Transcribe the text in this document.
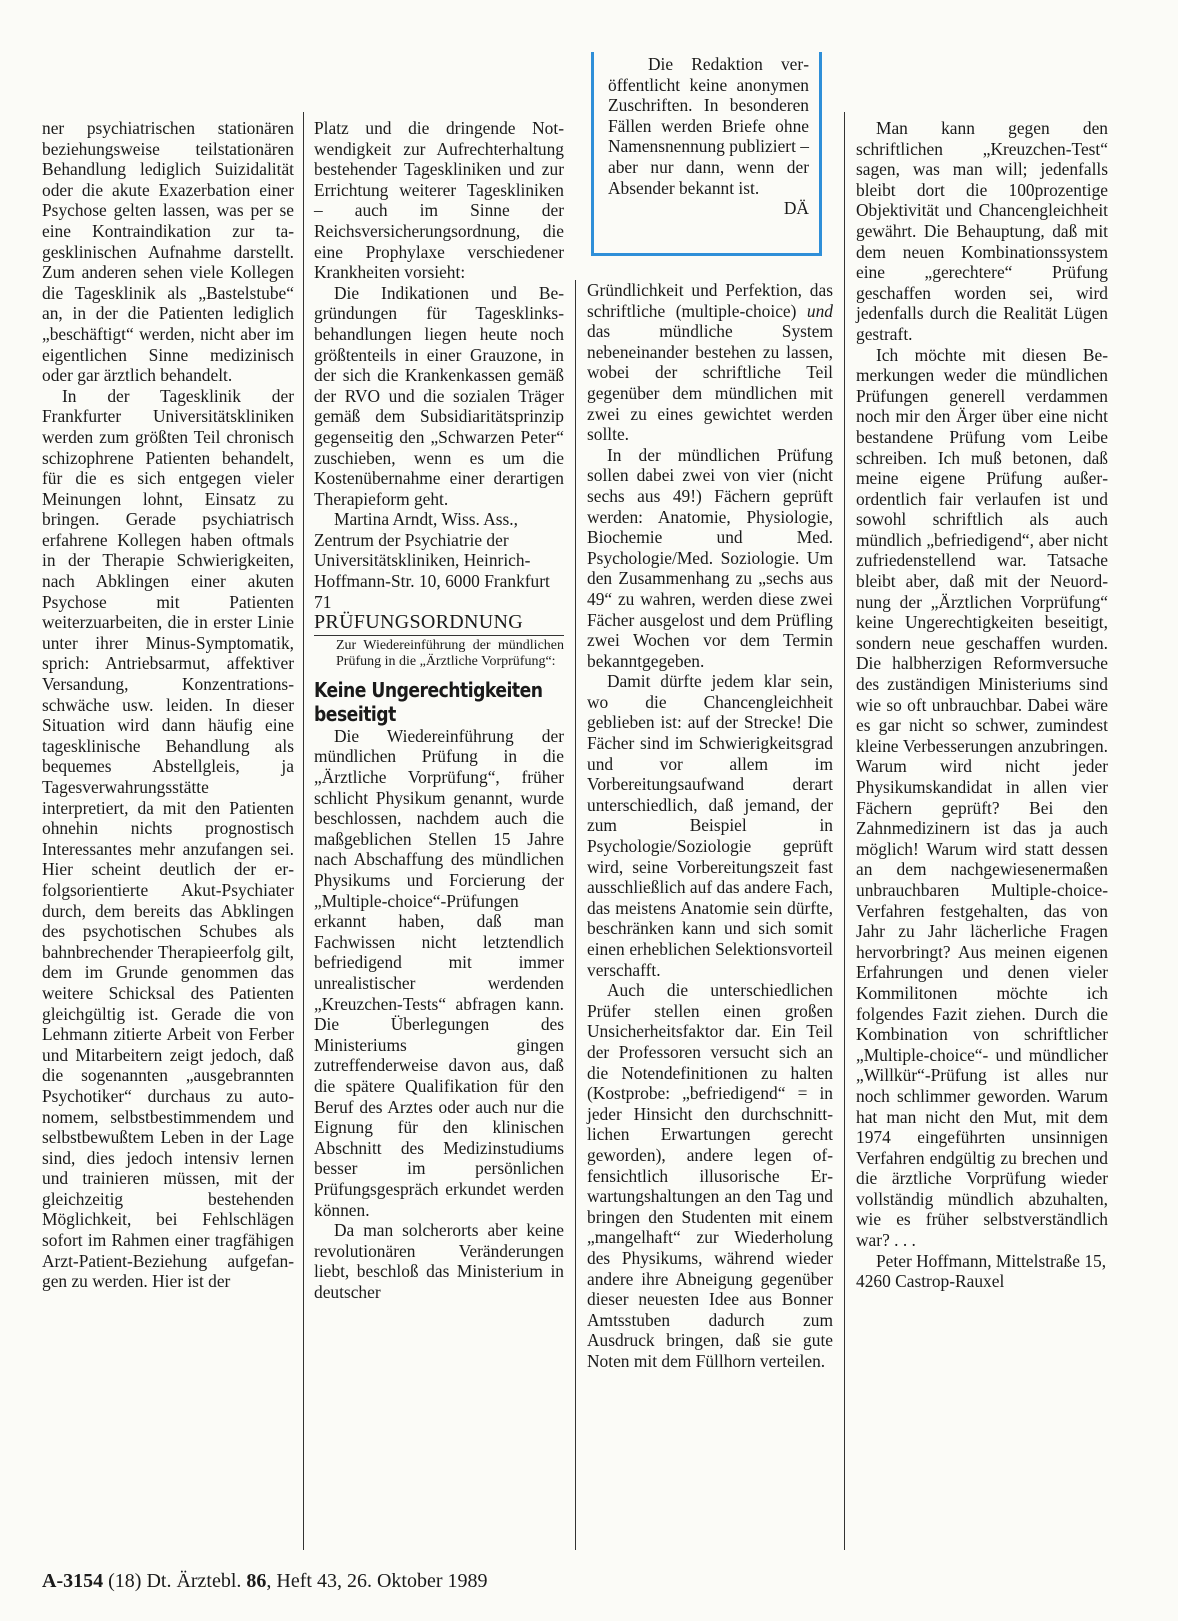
ner psychiatrischen stationären beziehungsweise teilstationären Behandlung lediglich Suizidalität oder die akute Exazerbation einer Psychose gelten lassen, was per se eine Kontraindikation zur tagesklinischen Aufnahme darstellt. Zum anderen sehen viele Kollegen die Tagesklinik als „Bastelstube“ an, in der die Patienten lediglich „beschäftigt“ werden, nicht aber im eigentlichen Sinne medizinisch oder gar ärztlich behandelt.

In der Tagesklinik der Frankfurter Universitätskliniken werden zum größten Teil chronisch schizophrene Patienten behandelt, für die es sich entgegen vieler Meinungen lohnt, Einsatz zu bringen. Gerade psychiatrisch erfahrene Kollegen haben oftmals in der Therapie Schwierigkeiten, nach Abklingen einer akuten Psychose mit Patienten weiterzuarbeiten, die in erster Linie unter ihrer Minus-Symptomatik, sprich: Antriebsarmut, affektiver Versandung, Konzentrationsschwäche usw. leiden. In dieser Situation wird dann häufig eine tagesklinische Behandlung als bequemes Abstellgleis, ja Tagesverwahrungsstätte interpretiert, da mit den Patienten ohnehin nichts prognostisch Interessantes mehr anzufangen sei. Hier scheint deutlich der erfolgsorientierte Akut-Psychiater durch, dem bereits das Abklingen des psychotischen Schubes als bahnbrechender Therapieerfolg gilt, dem im Grunde genommen das weitere Schicksal des Patienten gleichgültig ist. Gerade die von Lehmann zitierte Arbeit von Ferber und Mitarbeitern zeigt jedoch, daß die sogenannten „ausgebrannten Psychotiker“ durchaus zu autonomem, selbstbestimmendem und selbstbewußtem Leben in der Lage sind, dies jedoch intensiv lernen und trainieren müssen, mit der gleichzeitig bestehenden Möglichkeit, bei Fehlschlägen sofort im Rahmen einer tragfähigen Arzt-Patient-Beziehung aufgefangen zu werden. Hier ist der

Platz und die dringende Notwendigkeit zur Aufrechterhaltung bestehender Tageskliniken und zur Errichtung weiterer Tageskliniken – auch im Sinne der Reichsversicherungsordnung, die eine Prophylaxe verschiedener Krankheiten vorsieht:

Die Indikationen und Begründungen für Tagesklinksbehandlungen liegen heute noch größtenteils in einer Grauzone, in der sich die Krankenkassen gemäß der RVO und die sozialen Träger gemäß dem Subsidiaritätsprinzip gegenseitig den „Schwarzen Peter“ zuschieben, wenn es um die Kostenübernahme einer derartigen Therapieform geht.

Martina Arndt, Wiss. Ass., Zentrum der Psychiatrie der Universitätskliniken, Heinrich-Hoffmann-Str. 10, 6000 Frankfurt 71

PRÜFUNGSORDNUNG

Zur Wiedereinführung der mündlichen Prüfung in die „Ärztliche Vorprüfung“:

Keine Ungerechtigkeiten beseitigt

Die Wiedereinführung der mündlichen Prüfung in die „Ärztliche Vorprüfung“, früher schlicht Physikum genannt, wurde beschlossen, nachdem auch die maßgeblichen Stellen 15 Jahre nach Abschaffung des mündlichen Physikums und Forcierung der „Multiple-choice“-Prüfungen erkannt haben, daß man Fachwissen nicht letztendlich befriedigend mit immer unrealistischer werdenden „Kreuzchen-Tests“ abfragen kann. Die Überlegungen des Ministeriums gingen zutreffenderweise davon aus, daß die spätere Qualifikation für den Beruf des Arztes oder auch nur die Eignung für den klinischen Abschnitt des Medizinstudiums besser im persönlichen Prüfungsgespräch erkundet werden können.

Da man solcherorts aber keine revolutionären Veränderungen liebt, beschloß das Ministerium in deutscher

Die Redaktion veröffentlicht keine anonymen Zuschriften. In besonderen Fällen werden Briefe ohne Namensnennung publiziert – aber nur dann, wenn der Absender bekannt ist.
DÄ

Gründlichkeit und Perfektion, das schriftliche (multiple-choice) und das mündliche System nebeneinander bestehen zu lassen, wobei der schriftliche Teil gegenüber dem mündlichen mit zwei zu eines gewichtet werden sollte.

In der mündlichen Prüfung sollen dabei zwei von vier (nicht sechs aus 49!) Fächern geprüft werden: Anatomie, Physiologie, Biochemie und Med. Psychologie/Med. Soziologie. Um den Zusammenhang zu „sechs aus 49“ zu wahren, werden diese zwei Fächer ausgelost und dem Prüfling zwei Wochen vor dem Termin bekanntgegeben.

Damit dürfte jedem klar sein, wo die Chancengleichheit geblieben ist: auf der Strecke! Die Fächer sind im Schwierigkeitsgrad und vor allem im Vorbereitungsaufwand derart unterschiedlich, daß jemand, der zum Beispiel in Psychologie/Soziologie geprüft wird, seine Vorbereitungszeit fast ausschließlich auf das andere Fach, das meistens Anatomie sein dürfte, beschränken kann und sich somit einen erheblichen Selektionsvorteil verschafft.

Auch die unterschiedlichen Prüfer stellen einen großen Unsicherheitsfaktor dar. Ein Teil der Professoren versucht sich an die Notendefinitionen zu halten (Kostprobe: „befriedigend“ = in jeder Hinsicht den durchschnittlichen Erwartungen gerecht geworden), andere legen offensichtlich illusorische Erwartungshaltungen an den Tag und bringen den Studenten mit einem „mangelhaft“ zur Wiederholung des Physikums, während wieder andere ihre Abneigung gegenüber dieser neuesten Idee aus Bonner Amtsstuben dadurch zum Ausdruck bringen, daß sie gute Noten mit dem Füllhorn verteilen.

Man kann gegen den schriftlichen „Kreuzchen-Test“ sagen, was man will; jedenfalls bleibt dort die 100prozentige Objektivität und Chancengleichheit gewährt. Die Behauptung, daß mit dem neuen Kombinationssystem eine „gerechtere“ Prüfung geschaffen worden sei, wird jedenfalls durch die Realität Lügen gestraft.

Ich möchte mit diesen Bemerkungen weder die mündlichen Prüfungen generell verdammen noch mir den Ärger über eine nicht bestandene Prüfung vom Leibe schreiben. Ich muß betonen, daß meine eigene Prüfung außerordentlich fair verlaufen ist und sowohl schriftlich als auch mündlich „befriedigend“, aber nicht zufriedenstellend war. Tatsache bleibt aber, daß mit der Neuordnung der „Ärztlichen Vorprüfung“ keine Ungerechtigkeiten beseitigt, sondern neue geschaffen wurden. Die halbherzigen Reformversuche des zuständigen Ministeriums sind wie so oft unbrauchbar. Dabei wäre es gar nicht so schwer, zumindest kleine Verbesserungen anzubringen. Warum wird nicht jeder Physikumskandidat in allen vier Fächern geprüft? Bei den Zahnmedizinern ist das ja auch möglich! Warum wird statt dessen an dem nachgewiesenermaßen unbrauchbaren Multiple-choice-Verfahren festgehalten, das von Jahr zu Jahr lächerliche Fragen hervorbringt? Aus meinen eigenen Erfahrungen und denen vieler Kommilitonen möchte ich folgendes Fazit ziehen. Durch die Kombination von schriftlicher „Multiple-choice“- und mündlicher „Willkür“-Prüfung ist alles nur noch schlimmer geworden. Warum hat man nicht den Mut, mit dem 1974 eingeführten unsinnigen Verfahren endgültig zu brechen und die ärztliche Vorprüfung wieder vollständig mündlich abzuhalten, wie es früher selbstverständlich war? . . .

Peter Hoffmann, Mittelstraße 15, 4260 Castrop-Rauxel

A-3154 (18) Dt. Ärztebl. 86, Heft 43, 26. Oktober 1989
